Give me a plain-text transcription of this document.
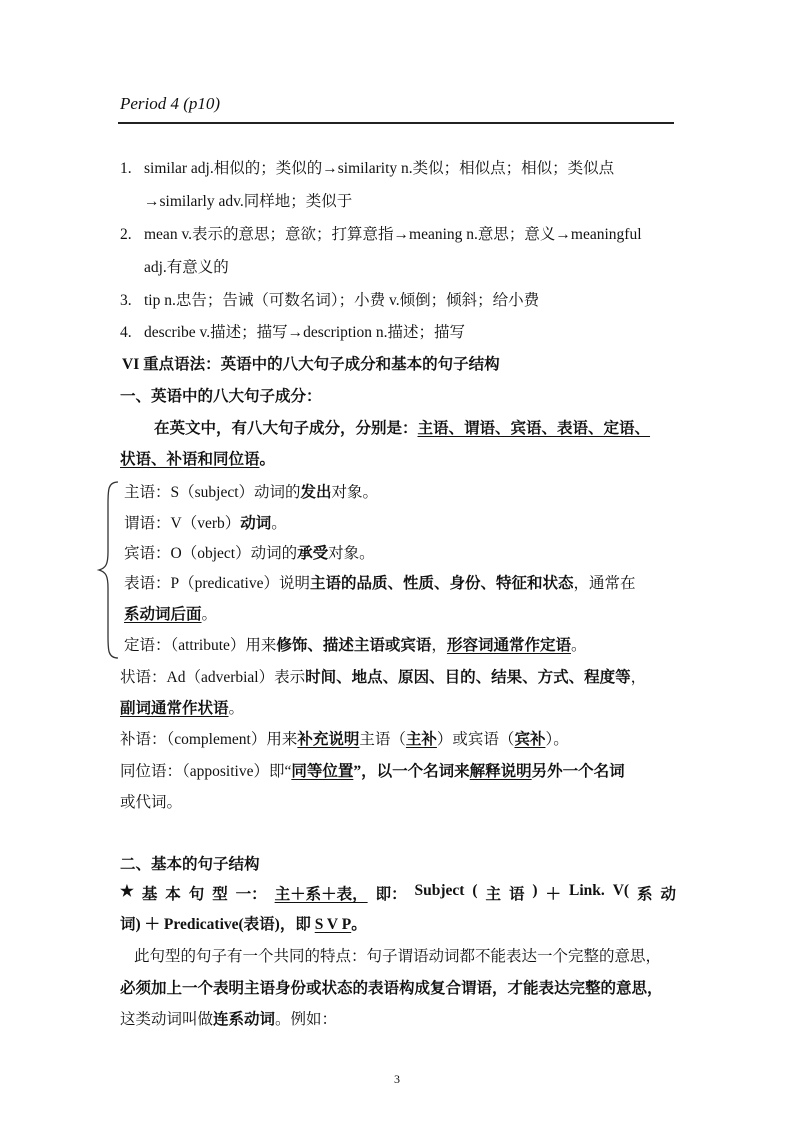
Period 4 (p10)
1. similar adj.相似的；类似的→similarity n.类似；相似点；相似；类似点
→similarly adv.同样地；类似于
2. mean v.表示的意思；意欲；打算意指→meaning n.意思；意义→meaningful
adj.有意义的
3. tip n.忠告；告诫（可数名词）；小费 v.倾倒；倾斜；给小费
4. describe v.描述；描写→description n.描述；描写
VI 重点语法：英语中的八大句子成分和基本的句子结构
一、英语中的八大句子成分：
在英文中，有八大句子成分，分别是：主语、谓语、宾语、表语、定语、
状语、补语和同位语。
主语：S（subject）动词的发出对象。
谓语：V（verb）动词。
宾语：O（object）动词的承受对象。
表语：P（predicative）说明主语的品质、性质、身份、特征和状态，通常在
系动词后面。
定语：（attribute）用来修饰、描述主语或宾语，形容词通常作定语。
状语：Ad（adverbial）表示时间、地点、原因、目的、结果、方式、程度等，
副词通常作状语。
补语：（complement）用来补充说明主语（主补）或宾语（宾补）。
同位语：（appositive）即“同等位置”，以一个名词来解释说明另外一个名词
或代词。
二、基本的句子结构
★ 基 本 句 型 一： 主＋系＋表， 即： Subject ( 主 语 ) ＋ Link. V( 系 动
词) ＋ Predicative(表语)，即 S V P。
此句型的句子有一个共同的特点：句子谓语动词都不能表达一个完整的意思，
必须加上一个表明主语身份或状态的表语构成复合谓语，才能表达完整的意思，
这类动词叫做连系动词。例如：
3
